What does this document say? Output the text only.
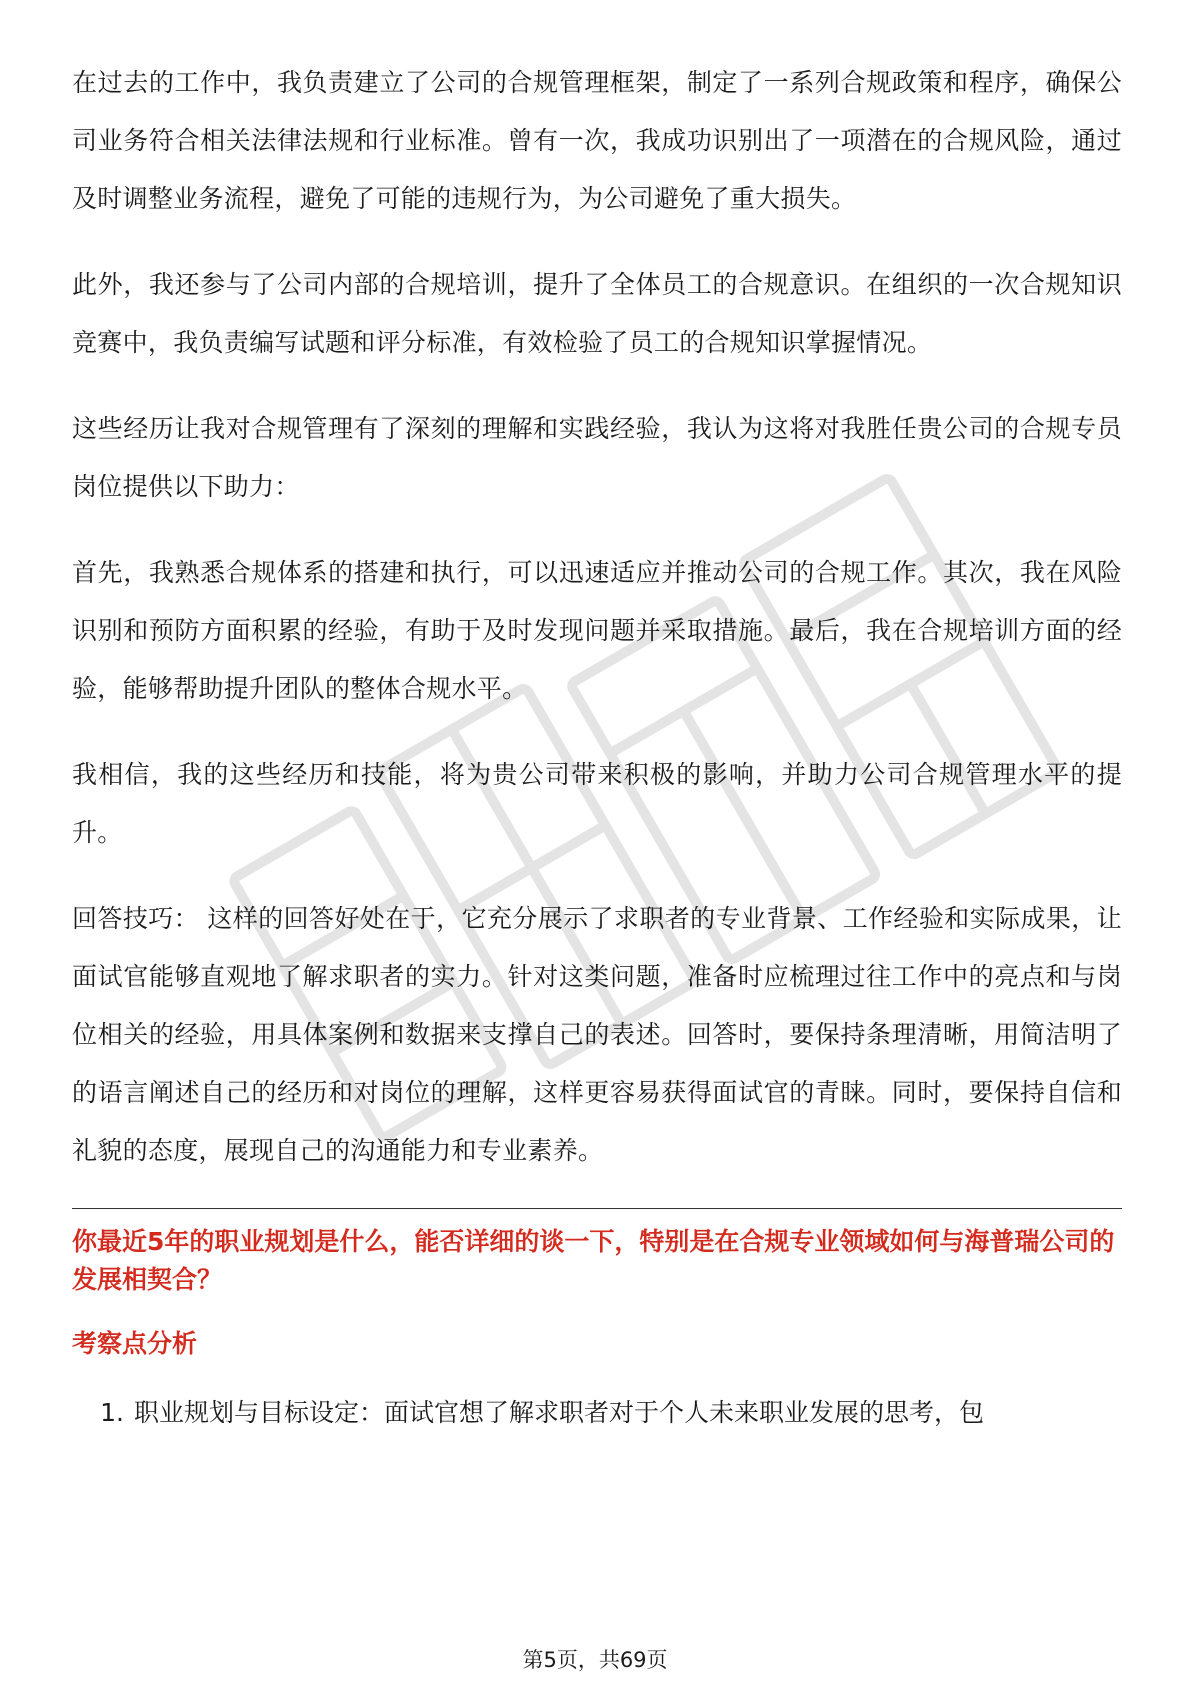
在过去的工作中，我负责建立了公司的合规管理框架，制定了一系列合规政策和程序，确保公司业务符合相关法律法规和行业标准。曾有一次，我成功识别出了一项潜在的合规风险，通过及时调整业务流程，避免了可能的违规行为，为公司避免了重大损失。

此外，我还参与了公司内部的合规培训，提升了全体员工的合规意识。在组织的一次合规知识竞赛中，我负责编写试题和评分标准，有效检验了员工的合规知识掌握情况。

这些经历让我对合规管理有了深刻的理解和实践经验，我认为这将对我胜任贵公司的合规专员岗位提供以下助力：

首先，我熟悉合规体系的搭建和执行，可以迅速适应并推动公司的合规工作。其次，我在风险识别和预防方面积累的经验，有助于及时发现问题并采取措施。最后，我在合规培训方面的经验，能够帮助提升团队的整体合规水平。

我相信，我的这些经历和技能，将为贵公司带来积极的影响，并助力公司合规管理水平的提升。

回答技巧： 这样的回答好处在于，它充分展示了求职者的专业背景、工作经验和实际成果，让面试官能够直观地了解求职者的实力。针对这类问题，准备时应梳理过往工作中的亮点和与岗位相关的经验，用具体案例和数据来支撑自己的表述。回答时，要保持条理清晰，用简洁明了的语言阐述自己的经历和对岗位的理解，这样更容易获得面试官的青睐。同时，要保持自信和礼貌的态度，展现自己的沟通能力和专业素养。

你最近5年的职业规划是什么，能否详细的谈一下，特别是在合规专业领域如何与海普瑞公司的发展相契合？
考察点分析
1. 职业规划与目标设定：面试官想了解求职者对于个人未来职业发展的思考，包
第5页，共69页
